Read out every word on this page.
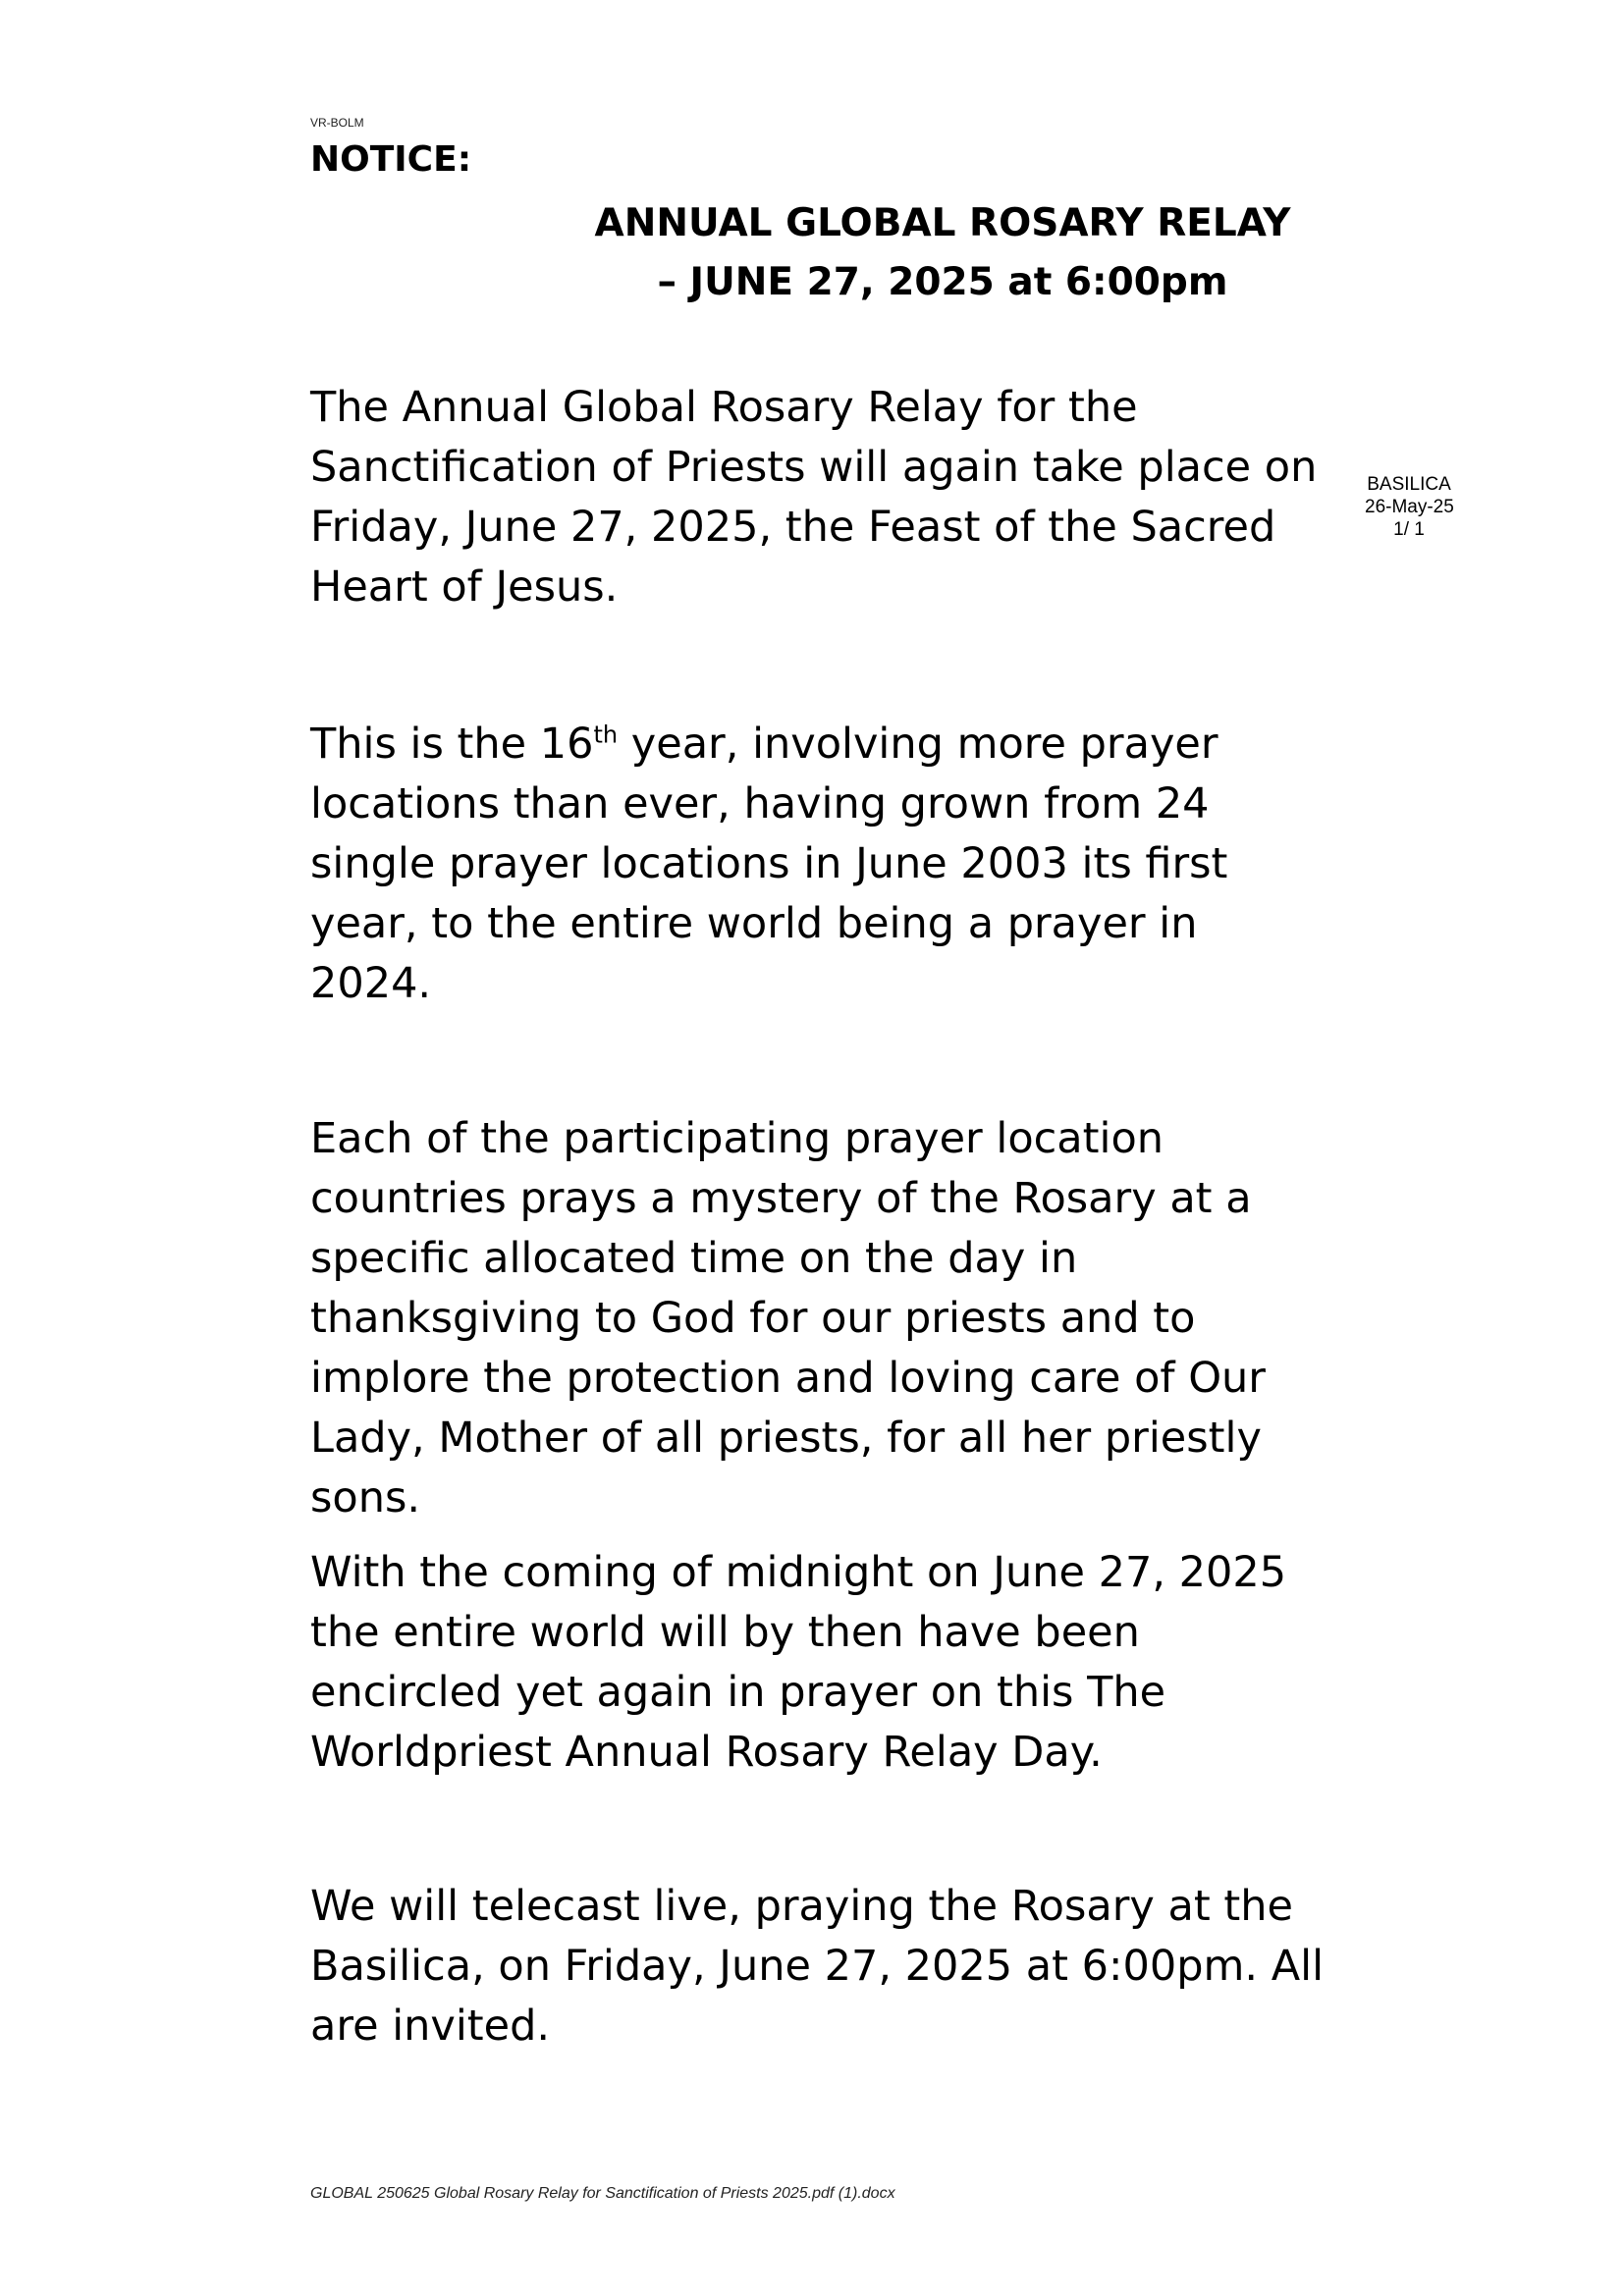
VR-BOLM
NOTICE:
ANNUAL GLOBAL ROSARY RELAY
– JUNE 27, 2025 at 6:00pm

The Annual Global Rosary Relay for the Sanctification of Priests will again take place on Friday, June 27, 2025, the Feast of the Sacred Heart of Jesus.

BASILICA
26-May-25
1/ 1

This is the 16th year, involving more prayer locations than ever, having grown from 24 single prayer locations in June 2003 its first year, to the entire world being a prayer in 2024.

Each of the participating prayer location countries prays a mystery of the Rosary at a specific allocated time on the day in thanksgiving to God for our priests and to implore the protection and loving care of Our Lady, Mother of all priests, for all her priestly sons.

With the coming of midnight on June 27, 2025 the entire world will by then have been encircled yet again in prayer on this The Worldpriest Annual Rosary Relay Day.

We will telecast live, praying the Rosary at the Basilica, on Friday, June 27, 2025 at 6:00pm. All are invited.

GLOBAL 250625 Global Rosary Relay for Sanctification of Priests 2025.pdf (1).docx
